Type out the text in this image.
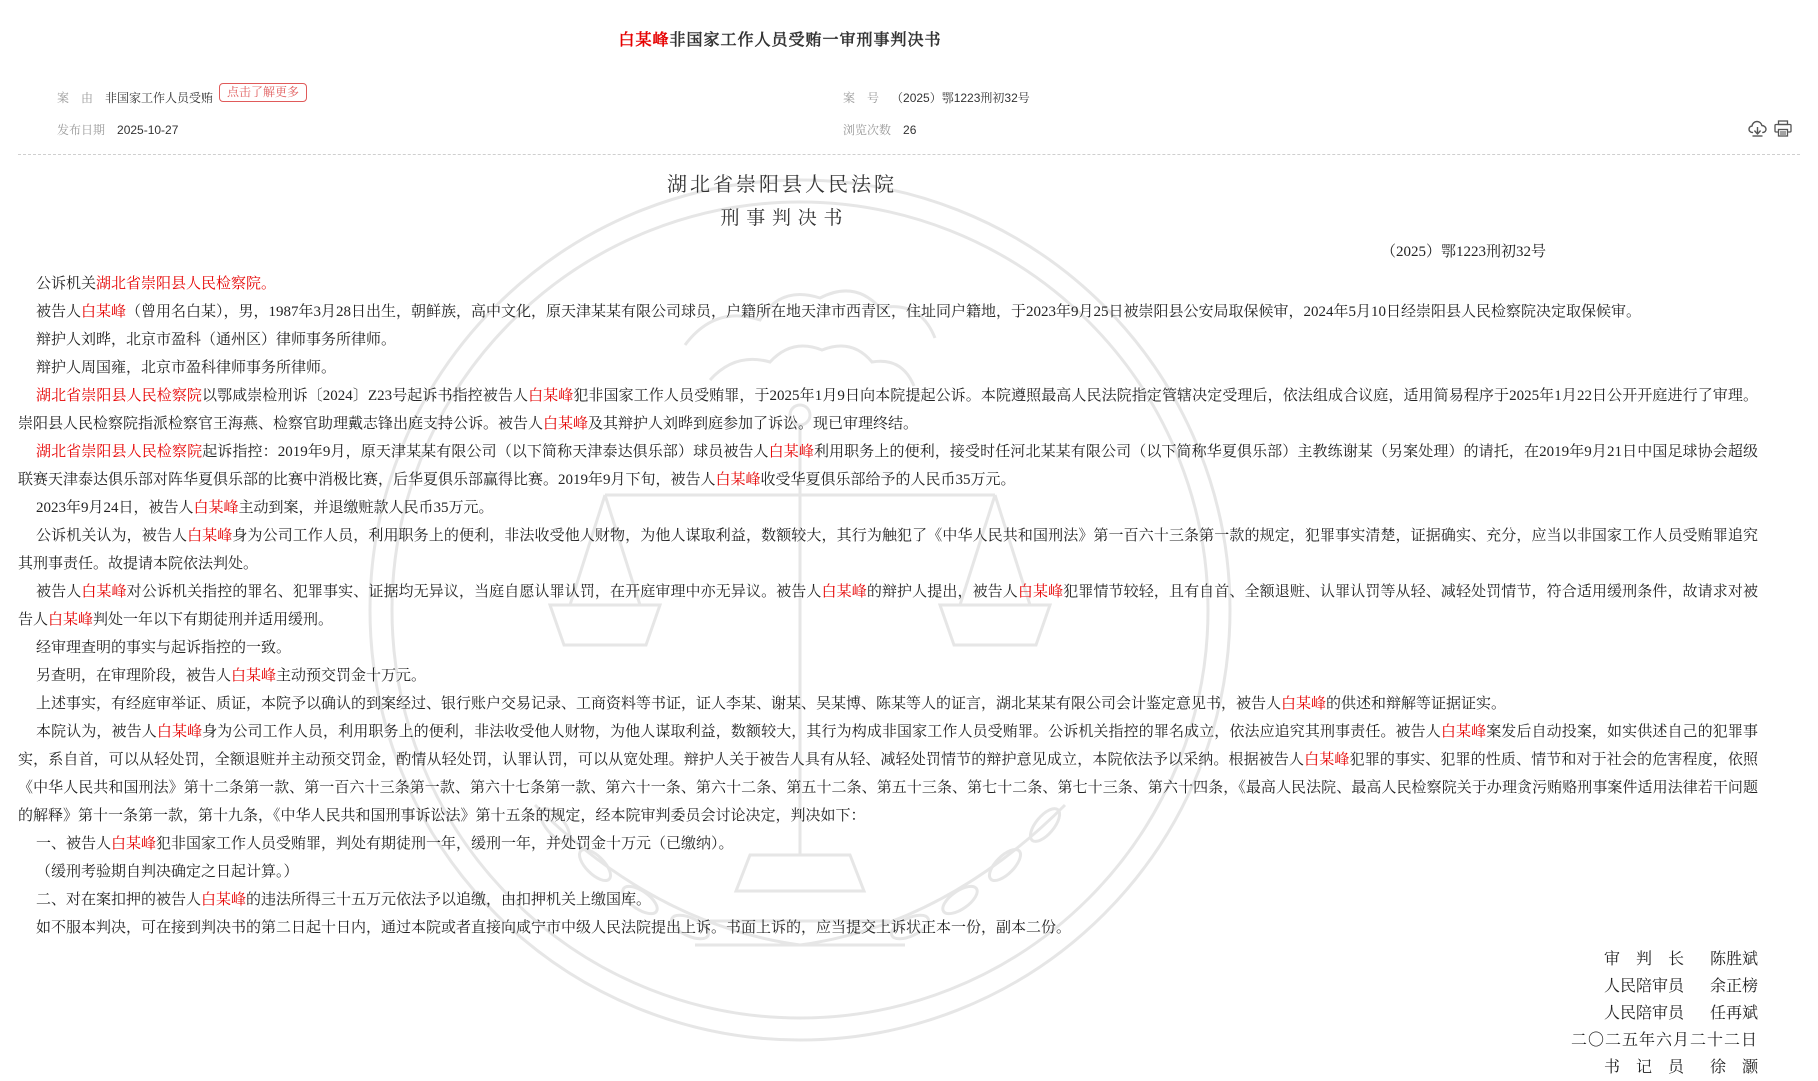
白某峰非国家工作人员受贿一审刑事判决书
案　由 非国家工作人员受贿	点击了解更多	案　号 （2025）鄂1223刑初32号
发布日期 2025-10-27	浏览次数 26
湖北省崇阳县人民法院
刑 事 判 决 书
（2025）鄂1223刑初32号
公诉机关湖北省崇阳县人民检察院。
被告人白某峰（曾用名白某），男，1987年3月28日出生，朝鲜族，高中文化，原天津某某有限公司球员，户籍所在地天津市西青区，住址同户籍地，于2023年9月25日被崇阳县公安局取保候审，2024年5月10日经崇阳县人民检察院决定取保候审。
辩护人刘晔，北京市盈科（通州区）律师事务所律师。
辩护人周国雍，北京市盈科律师事务所律师。
湖北省崇阳县人民检察院以鄂咸崇检刑诉〔2024〕Z23号起诉书指控被告人白某峰犯非国家工作人员受贿罪，于2025年1月9日向本院提起公诉。本院遵照最高人民法院指定管辖决定受理后，依法组成合议庭，适用简易程序于2025年1月22日公开开庭进行了审理。崇阳县人民检察院指派检察官王海燕、检察官助理戴志锋出庭支持公诉。被告人白某峰及其辩护人刘晔到庭参加了诉讼。现已审理终结。
湖北省崇阳县人民检察院起诉指控：2019年9月，原天津某某有限公司（以下简称天津泰达俱乐部）球员被告人白某峰利用职务上的便利，接受时任河北某某有限公司（以下简称华夏俱乐部）主教练谢某（另案处理）的请托，在2019年9月21日中国足球协会超级联赛天津泰达俱乐部对阵华夏俱乐部的比赛中消极比赛，后华夏俱乐部赢得比赛。2019年9月下旬，被告人白某峰收受华夏俱乐部给予的人民币35万元。
2023年9月24日，被告人白某峰主动到案，并退缴赃款人民币35万元。
公诉机关认为，被告人白某峰身为公司工作人员，利用职务上的便利，非法收受他人财物，为他人谋取利益，数额较大，其行为触犯了《中华人民共和国刑法》第一百六十三条第一款的规定，犯罪事实清楚，证据确实、充分，应当以非国家工作人员受贿罪追究其刑事责任。故提请本院依法判处。
被告人白某峰对公诉机关指控的罪名、犯罪事实、证据均无异议，当庭自愿认罪认罚，在开庭审理中亦无异议。被告人白某峰的辩护人提出，被告人白某峰犯罪情节较轻，且有自首、全额退赃、认罪认罚等从轻、减轻处罚情节，符合适用缓刑条件，故请求对被告人白某峰判处一年以下有期徒刑并适用缓刑。
经审理查明的事实与起诉指控的一致。
另查明，在审理阶段，被告人白某峰主动预交罚金十万元。
上述事实，有经庭审举证、质证，本院予以确认的到案经过、银行账户交易记录、工商资料等书证，证人李某、谢某、吴某博、陈某等人的证言，湖北某某有限公司会计鉴定意见书，被告人白某峰的供述和辩解等证据证实。
本院认为，被告人白某峰身为公司工作人员，利用职务上的便利，非法收受他人财物，为他人谋取利益，数额较大，其行为构成非国家工作人员受贿罪。公诉机关指控的罪名成立，依法应追究其刑事责任。被告人白某峰案发后自动投案，如实供述自己的犯罪事实，系自首，可以从轻处罚，全额退赃并主动预交罚金，酌情从轻处罚，认罪认罚，可以从宽处理。辩护人关于被告人具有从轻、减轻处罚情节的辩护意见成立，本院依法予以采纳。根据被告人白某峰犯罪的事实、犯罪的性质、情节和对于社会的危害程度，依照《中华人民共和国刑法》第十二条第一款、第一百六十三条第一款、第六十七条第一款、第六十一条、第六十二条、第五十二条、第五十三条、第七十二条、第七十三条、第六十四条，《最高人民法院、最高人民检察院关于办理贪污贿赂刑事案件适用法律若干问题的解释》第十一条第一款，第十九条，《中华人民共和国刑事诉讼法》第十五条的规定，经本院审判委员会讨论决定，判决如下：
一、被告人白某峰犯非国家工作人员受贿罪，判处有期徒刑一年，缓刑一年，并处罚金十万元（已缴纳）。
（缓刑考验期自判决确定之日起计算。）
二、对在案扣押的被告人白某峰的违法所得三十五万元依法予以追缴，由扣押机关上缴国库。
如不服本判决，可在接到判决书的第二日起十日内，通过本院或者直接向咸宁市中级人民法院提出上诉。书面上诉的，应当提交上诉状正本一份，副本二份。
审　判　长 陈胜斌
人民陪审员 余正榜
人民陪审员 任再斌
二〇二五年六月二十二日
书　记　员 徐　灏
